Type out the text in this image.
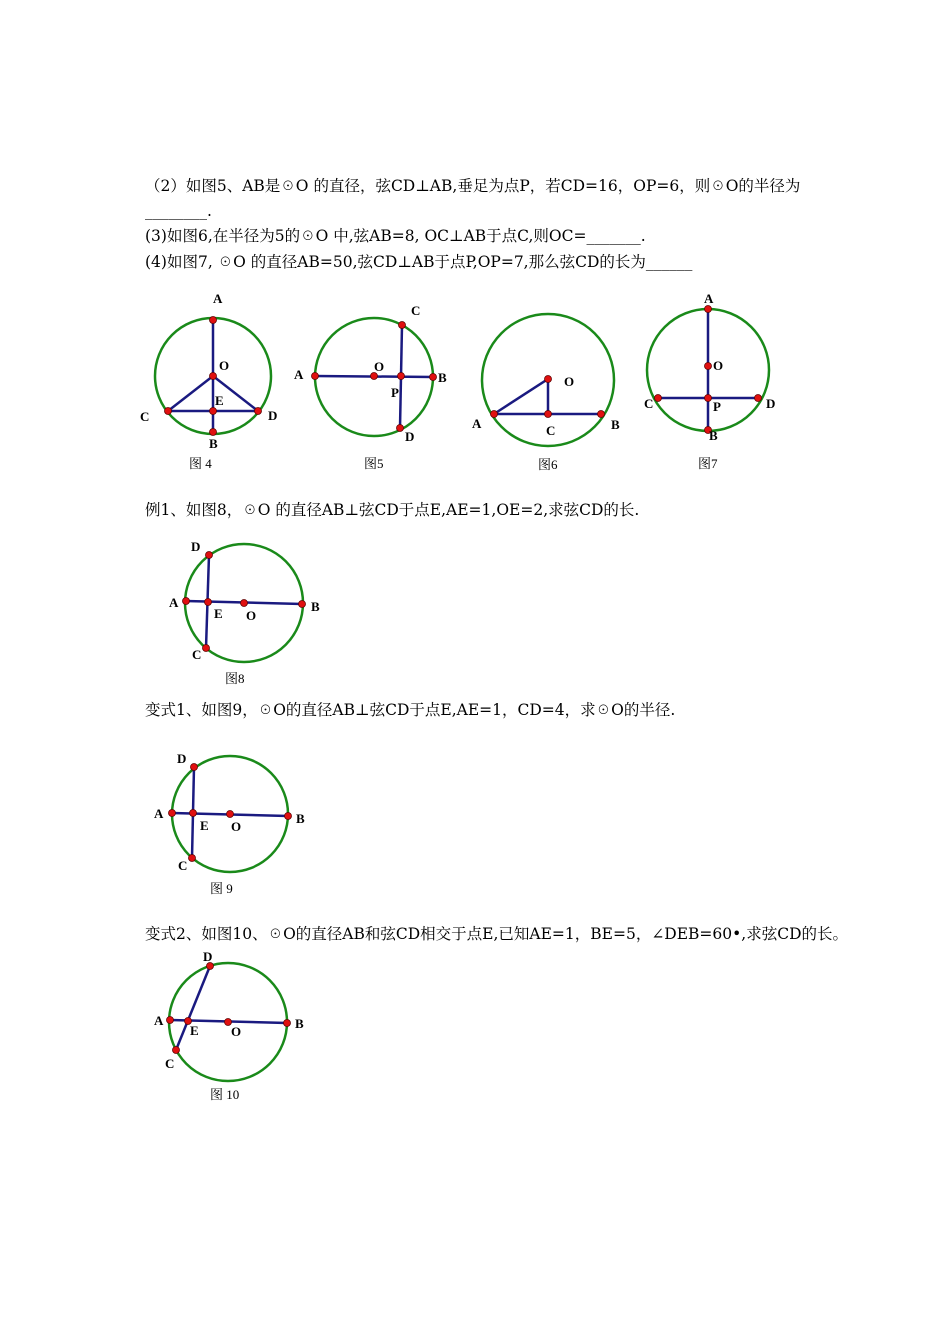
（2）如图5、AB是☉O 的直径，弦CD⊥AB,垂足为点P，若CD=16，OP=6，则☉O的半径为
________.
(3)如图6,在半径为5的☉O 中,弦AB=8, OC⊥AB于点C,则OC=_______.
(4)如图7, ☉O 的直径AB=50,弦CD⊥AB于点P,OP=7,那么弦CD的长为______
A
O
C
E
D
B
图 4
C
A
O
B
P
D
图5
O
A	C	B
图6
A
O
C	P	D
B
图7
D
A
E O
B
C
图8
D
A
E O
B
C
图 9
D
A
E O
B
C
图 10
例1、如图8，☉O 的直径AB⊥弦CD于点E,AE=1,OE=2,求弦CD的长.
变式1、如图9，☉O的直径AB⊥弦CD于点E,AE=1，CD=4，求☉O的半径.
变式2、如图10、☉O的直径AB和弦CD相交于点E,已知AE=1，BE=5，∠DEB=60•,求弦CD的长。
